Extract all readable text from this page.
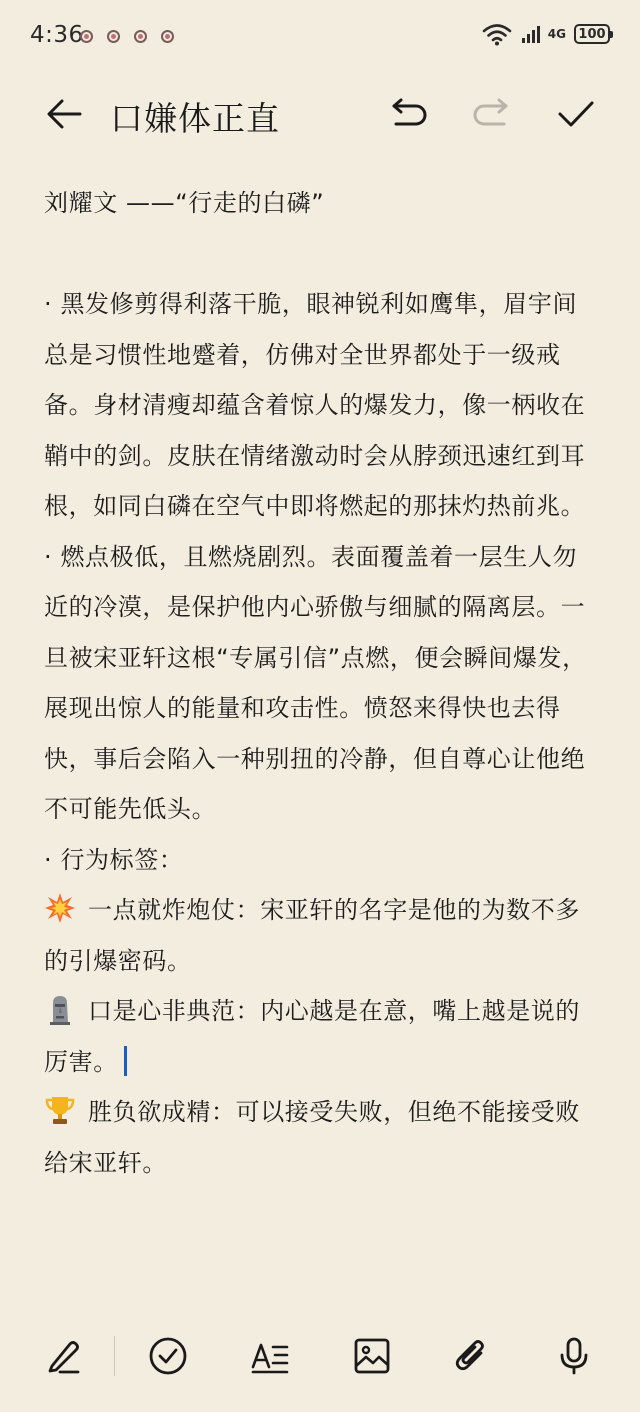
4:36	4G 100
口嫌体正直

刘耀文 ——“行走的白磷”

· 黑发修剪得利落干脆，眼神锐利如鹰隼，眉宇间总是习惯性地蹙着，仿佛对全世界都处于一级戒备。身材清瘦却蕴含着惊人的爆发力，像一柄收在鞘中的剑。皮肤在情绪激动时会从脖颈迅速红到耳根，如同白磷在空气中即将燃起的那抹灼热前兆。

· 燃点极低，且燃烧剧烈。表面覆盖着一层生人勿近的冷漠，是保护他内心骄傲与细腻的隔离层。一旦被宋亚轩这根“专属引信”点燃，便会瞬间爆发，展现出惊人的能量和攻击性。愤怒来得快也去得快，事后会陷入一种别扭的冷静，但自尊心让他绝不可能先低头。

· 行为标签：

一点就炸炮仗：宋亚轩的名字是他的为数不多的引爆密码。

口是心非典范：内心越是在意，嘴上越是说的厉害。

胜负欲成精：可以接受失败，但绝不能接受败给宋亚轩。
